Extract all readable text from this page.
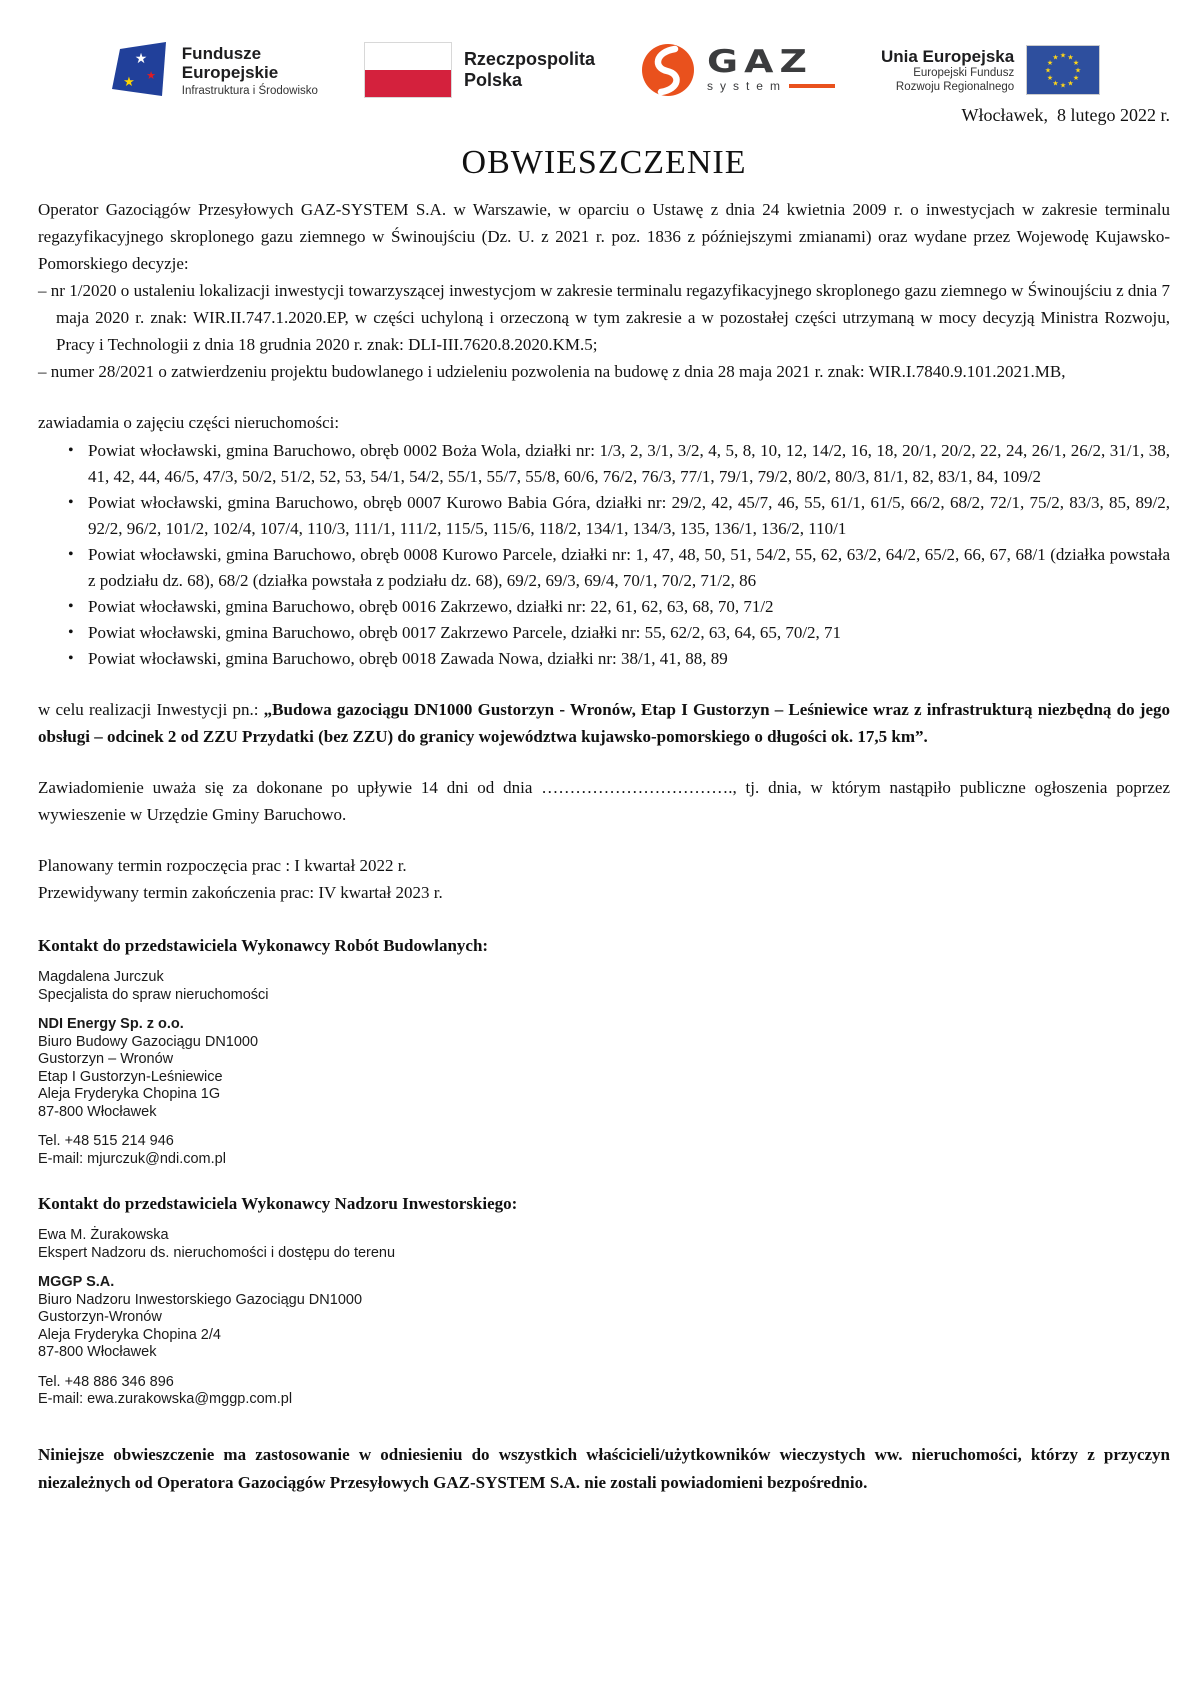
★
★
★
Fundusze
Europejskie
Infrastruktura i Środowisko
Rzeczpospolita
Polska	GAZ
system
Unia Europejska
Europejski Fundusz
Rozwoju Regionalnego
★ ★
★
★
★
★
★
★
★
★
★
★
Włocławek,  8 lutego 2022 r.
OBWIESZCZENIE

Operator Gazociągów Przesyłowych GAZ-SYSTEM S.A. w Warszawie, w oparciu o Ustawę z dnia 24 kwietnia 2009 r. o inwestycjach w zakresie terminalu regazyfikacyjnego skroplonego gazu ziemnego w Świnoujściu (Dz. U. z 2021 r. poz. 1836 z późniejszymi zmianami) oraz wydane przez Wojewodę Kujawsko-Pomorskiego decyzje:

– nr 1/2020 o ustaleniu lokalizacji inwestycji towarzyszącej inwestycjom w zakresie terminalu regazyfikacyjnego skroplonego gazu ziemnego w Świnoujściu z dnia 7 maja 2020 r. znak: WIR.II.747.1.2020.EP, w części uchyloną i orzeczoną w tym zakresie a w pozostałej części utrzymaną w mocy decyzją Ministra Rozwoju, Pracy i Technologii z dnia 18 grudnia 2020 r. znak: DLI-III.7620.8.2020.KM.5;

– numer 28/2021 o zatwierdzeniu projektu budowlanego i udzieleniu pozwolenia na budowę z dnia 28 maja 2021 r. znak: WIR.I.7840.9.101.2021.MB,

zawiadamia o zajęciu części nieruchomości:

• Powiat włocławski, gmina Baruchowo, obręb 0002 Boża Wola, działki nr: 1/3, 2, 3/1, 3/2, 4, 5, 8, 10, 12, 14/2, 16, 18, 20/1, 20/2, 22, 24, 26/1, 26/2, 31/1, 38, 41, 42, 44, 46/5, 47/3, 50/2, 51/2, 52, 53, 54/1, 54/2, 55/1, 55/7, 55/8, 60/6, 76/2, 76/3, 77/1, 79/1, 79/2, 80/2, 80/3, 81/1, 82, 83/1, 84, 109/2
• Powiat włocławski, gmina Baruchowo, obręb 0007 Kurowo Babia Góra, działki nr: 29/2, 42, 45/7, 46, 55, 61/1, 61/5, 66/2, 68/2, 72/1, 75/2, 83/3, 85, 89/2, 92/2, 96/2, 101/2, 102/4, 107/4, 110/3, 111/1, 111/2, 115/5, 115/6, 118/2, 134/1, 134/3, 135, 136/1, 136/2, 110/1
• Powiat włocławski, gmina Baruchowo, obręb 0008 Kurowo Parcele, działki nr: 1, 47, 48, 50, 51, 54/2, 55, 62, 63/2, 64/2, 65/2, 66, 67, 68/1 (działka powstała z podziału dz. 68), 68/2 (działka powstała z podziału dz. 68), 69/2, 69/3, 69/4, 70/1, 70/2, 71/2, 86
• Powiat włocławski, gmina Baruchowo, obręb 0016 Zakrzewo, działki nr: 22, 61, 62, 63, 68, 70, 71/2
• Powiat włocławski, gmina Baruchowo, obręb 0017 Zakrzewo Parcele, działki nr: 55, 62/2, 63, 64, 65, 70/2, 71
• Powiat włocławski, gmina Baruchowo, obręb 0018 Zawada Nowa, działki nr: 38/1, 41, 88, 89

w celu realizacji Inwestycji pn.: „Budowa gazociągu DN1000 Gustorzyn - Wronów, Etap I Gustorzyn – Leśniewice wraz z infrastrukturą niezbędną do jego obsługi – odcinek 2 od ZZU Przydatki (bez ZZU) do granicy województwa kujawsko-pomorskiego o długości ok. 17,5 km”.

Zawiadomienie uważa się za dokonane po upływie 14 dni od dnia ……………………………., tj. dnia, w którym nastąpiło publiczne ogłoszenia poprzez wywieszenie w Urzędzie Gminy Baruchowo.

Planowany termin rozpoczęcia prac : I kwartał 2022 r.
Przewidywany termin zakończenia prac: IV kwartał 2023 r.
Kontakt do przedstawiciela Wykonawcy Robót Budowlanych:
Magdalena Jurczuk
Specjalista do spraw nieruchomości
NDI Energy Sp. z o.o.
Biuro Budowy Gazociągu DN1000
Gustorzyn – Wronów
Etap I Gustorzyn-Leśniewice
Aleja Fryderyka Chopina 1G
87-800 Włocławek
Tel. +48 515 214 946
E-mail: mjurczuk@ndi.com.pl
Kontakt do przedstawiciela Wykonawcy Nadzoru Inwestorskiego:
Ewa M. Żurakowska
Ekspert Nadzoru ds. nieruchomości i dostępu do terenu
MGGP S.A.
Biuro Nadzoru Inwestorskiego Gazociągu DN1000
Gustorzyn-Wronów
Aleja Fryderyka Chopina 2/4
87-800 Włocławek
Tel. +48 886 346 896
E-mail: ewa.zurakowska@mggp.com.pl

Niniejsze obwieszczenie ma zastosowanie w odniesieniu do wszystkich właścicieli/użytkowników wieczystych ww. nieruchomości, którzy z przyczyn niezależnych od Operatora Gazociągów Przesyłowych GAZ-SYSTEM S.A. nie zostali powiadomieni bezpośrednio.
